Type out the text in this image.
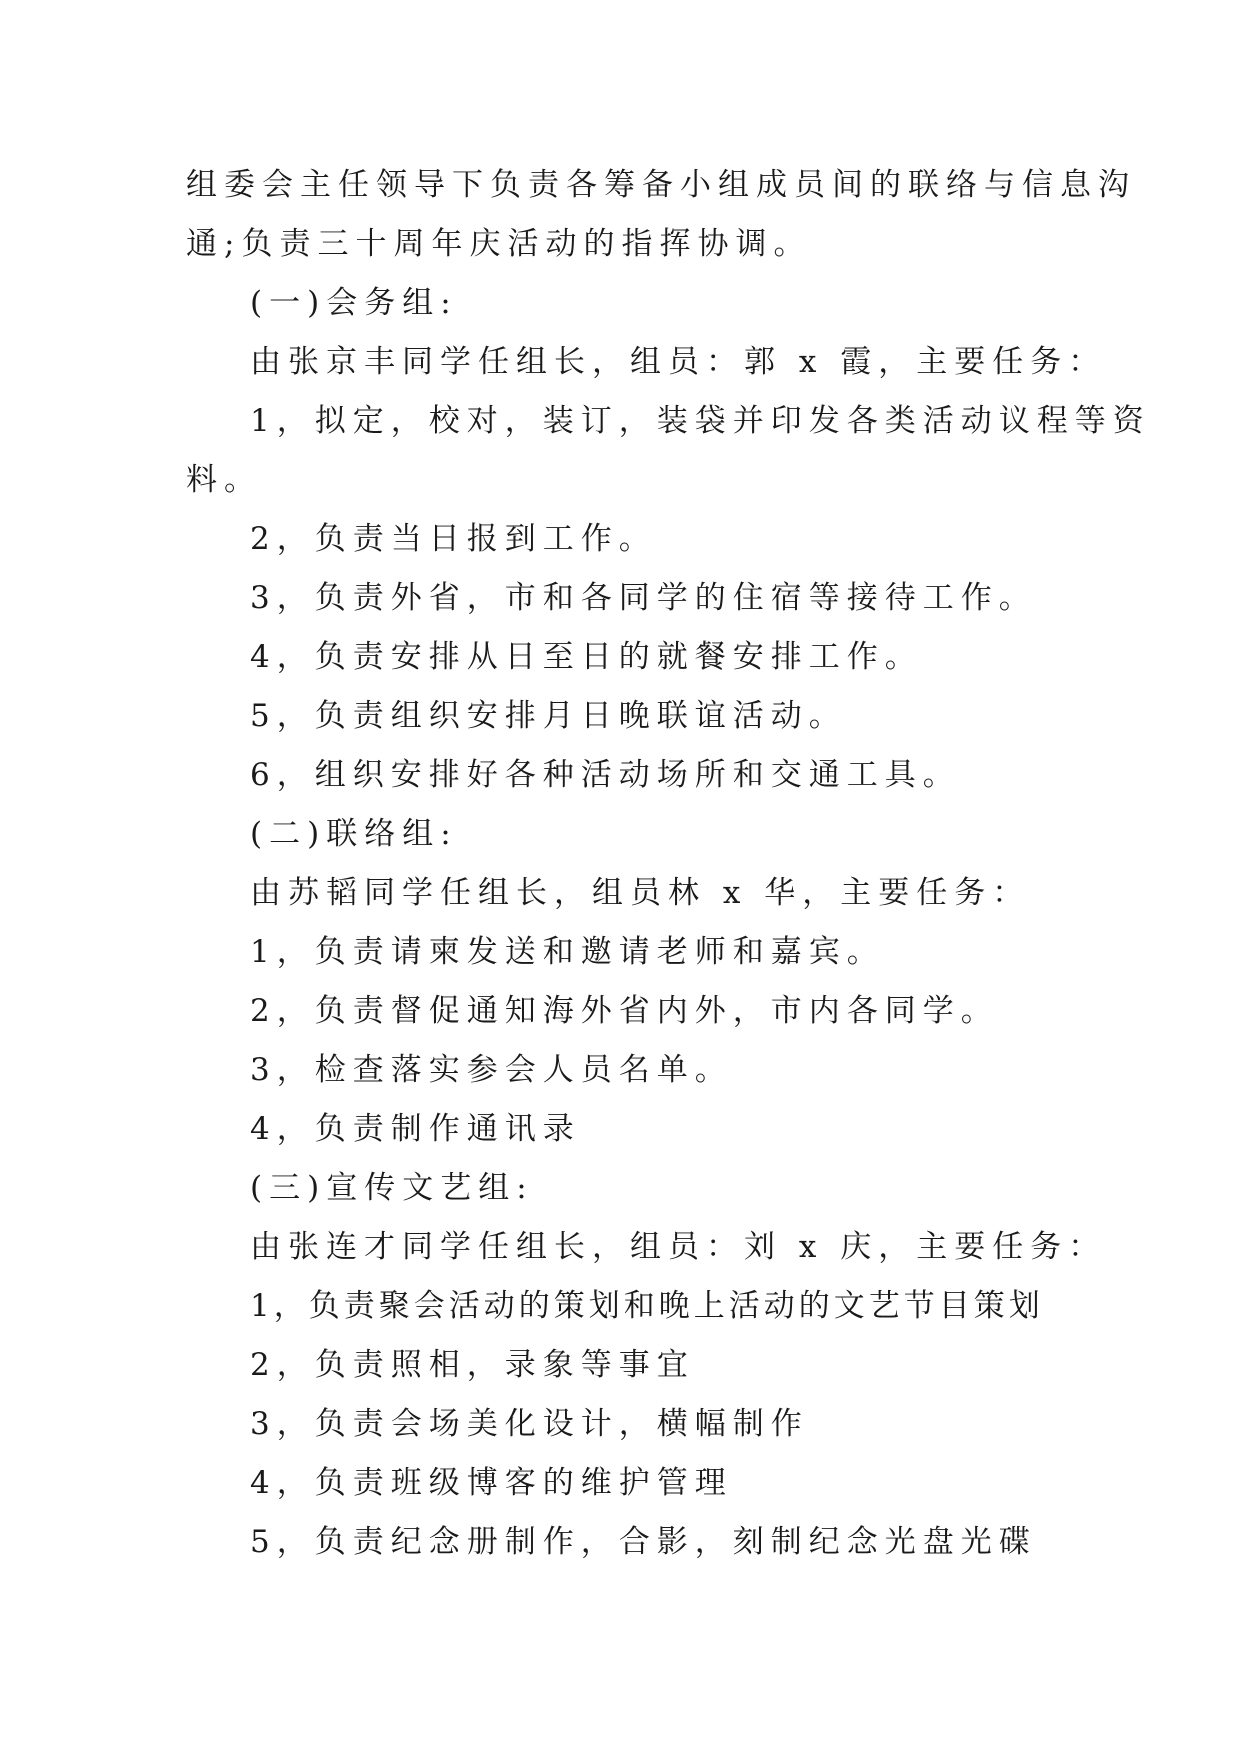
组委会主任领导下负责各筹备小组成员间的联络与信息沟
通;负责三十周年庆活动的指挥协调。
(一)会务组:
由张京丰同学任组长，组员：郭 x 霞，主要任务：
1，拟定，校对，装订，装袋并印发各类活动议程等资
料。
2，负责当日报到工作。
3，负责外省，市和各同学的住宿等接待工作。
4，负责安排从日至日的就餐安排工作。
5，负责组织安排月日晚联谊活动。
6，组织安排好各种活动场所和交通工具。
(二)联络组:
由苏韬同学任组长，组员林 x 华，主要任务：
1，负责请柬发送和邀请老师和嘉宾。
2，负责督促通知海外省内外，市内各同学。
3，检查落实参会人员名单。
4，负责制作通讯录
(三)宣传文艺组:
由张连才同学任组长，组员：刘 x 庆，主要任务：
1，负责聚会活动的策划和晚上活动的文艺节目策划
2，负责照相，录象等事宜
3，负责会场美化设计，横幅制作
4，负责班级博客的维护管理
5，负责纪念册制作，合影，刻制纪念光盘光碟
